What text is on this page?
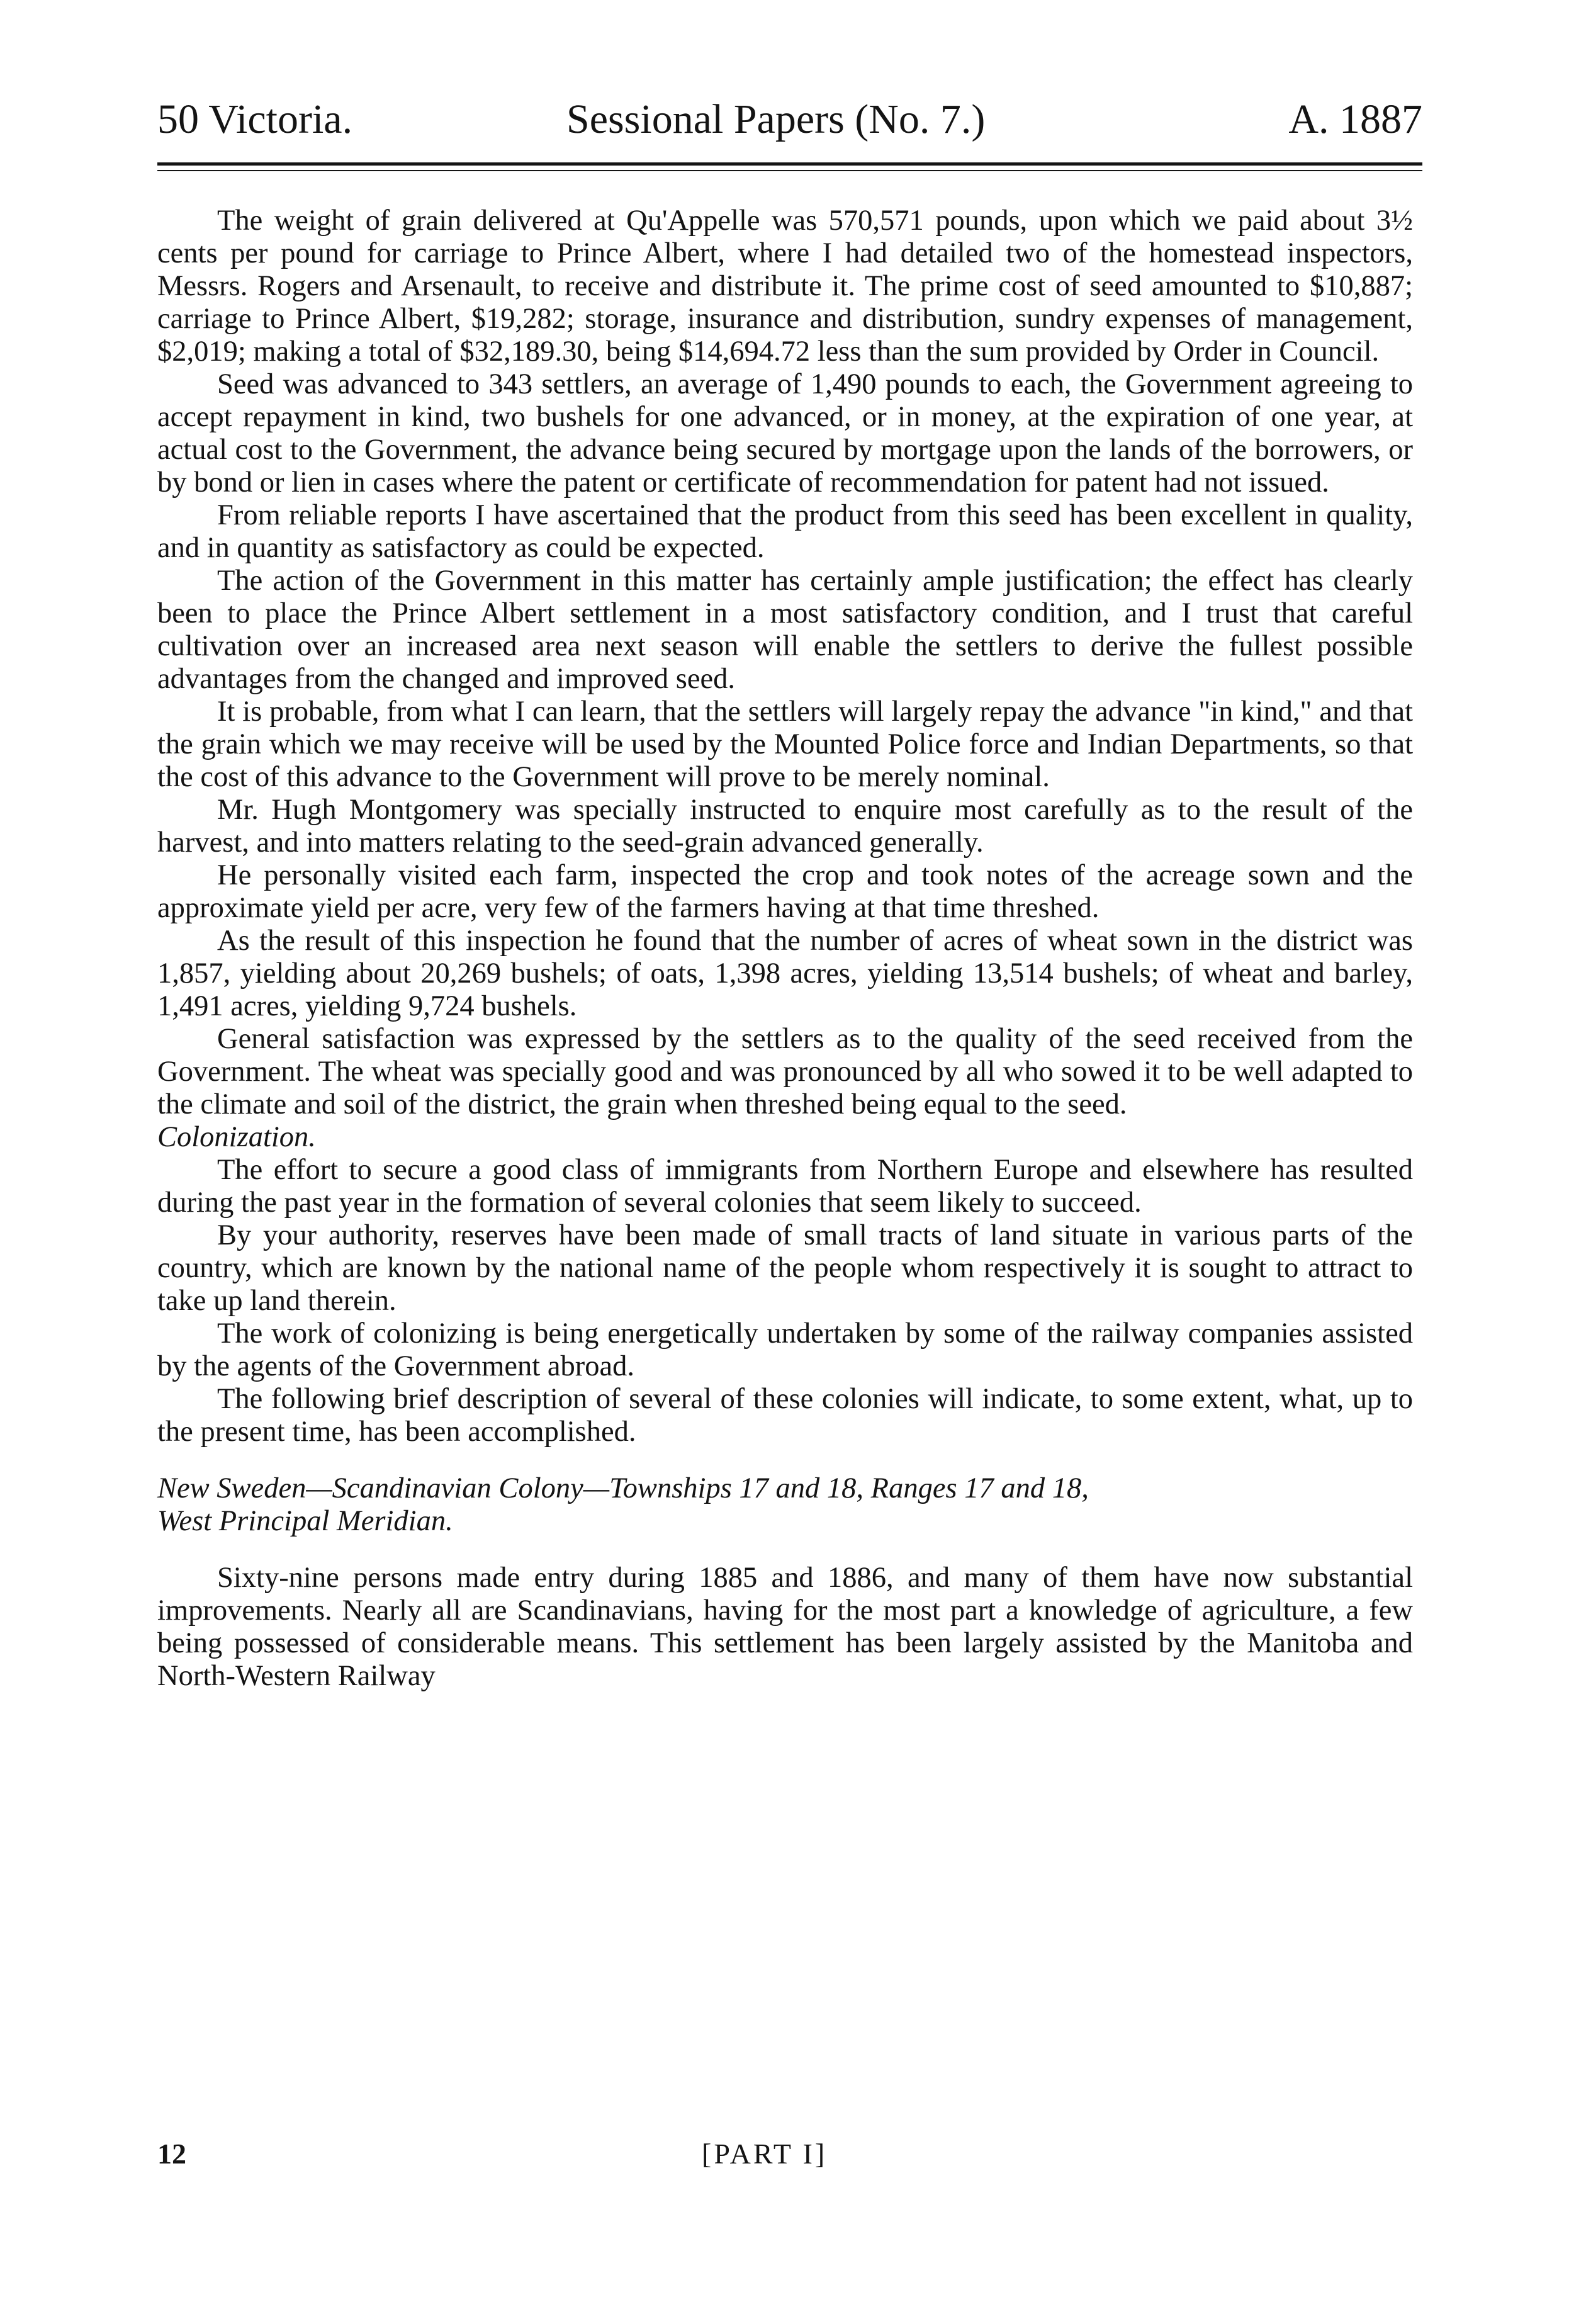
50 Victoria.	Sessional Papers (No. 7.)	A. 1887

The weight of grain delivered at Qu'Appelle was 570,571 pounds, upon which we paid about 3½ cents per pound for carriage to Prince Albert, where I had detailed two of the homestead inspectors, Messrs. Rogers and Arsenault, to receive and distribute it. The prime cost of seed amounted to $10,887; carriage to Prince Albert, $19,282; storage, insurance and distribution, sundry expenses of management, $2,019; making a total of $32,189.30, being $14,694.72 less than the sum provided by Order in Council.

Seed was advanced to 343 settlers, an average of 1,490 pounds to each, the Government agreeing to accept repayment in kind, two bushels for one advanced, or in money, at the expiration of one year, at actual cost to the Government, the advance being secured by mortgage upon the lands of the borrowers, or by bond or lien in cases where the patent or certificate of recommendation for patent had not issued.

From reliable reports I have ascertained that the product from this seed has been excellent in quality, and in quantity as satisfactory as could be expected.

The action of the Government in this matter has certainly ample justification; the effect has clearly been to place the Prince Albert settlement in a most satisfactory condition, and I trust that careful cultivation over an increased area next season will enable the settlers to derive the fullest possible advantages from the changed and improved seed.

It is probable, from what I can learn, that the settlers will largely repay the advance "in kind," and that the grain which we may receive will be used by the Mounted Police force and Indian Departments, so that the cost of this advance to the Government will prove to be merely nominal.

Mr. Hugh Montgomery was specially instructed to enquire most carefully as to the result of the harvest, and into matters relating to the seed-grain advanced generally.

He personally visited each farm, inspected the crop and took notes of the acreage sown and the approximate yield per acre, very few of the farmers having at that time threshed.

As the result of this inspection he found that the number of acres of wheat sown in the district was 1,857, yielding about 20,269 bushels; of oats, 1,398 acres, yielding 13,514 bushels; of wheat and barley, 1,491 acres, yielding 9,724 bushels.

General satisfaction was expressed by the settlers as to the quality of the seed received from the Government. The wheat was specially good and was pronounced by all who sowed it to be well adapted to the climate and soil of the district, the grain when threshed being equal to the seed.

Colonization.

The effort to secure a good class of immigrants from Northern Europe and elsewhere has resulted during the past year in the formation of several colonies that seem likely to succeed.

By your authority, reserves have been made of small tracts of land situate in various parts of the country, which are known by the national name of the people whom respectively it is sought to attract to take up land therein.

The work of colonizing is being energetically undertaken by some of the railway companies assisted by the agents of the Government abroad.

The following brief description of several of these colonies will indicate, to some extent, what, up to the present time, has been accomplished.

New Sweden—Scandinavian Colony—Townships 17 and 18, Ranges 17 and 18,
West Principal Meridian.

Sixty-nine persons made entry during 1885 and 1886, and many of them have now substantial improvements. Nearly all are Scandinavians, having for the most part a knowledge of agriculture, a few being possessed of considerable means. This settlement has been largely assisted by the Manitoba and North-Western Railway

12	[PART I]
